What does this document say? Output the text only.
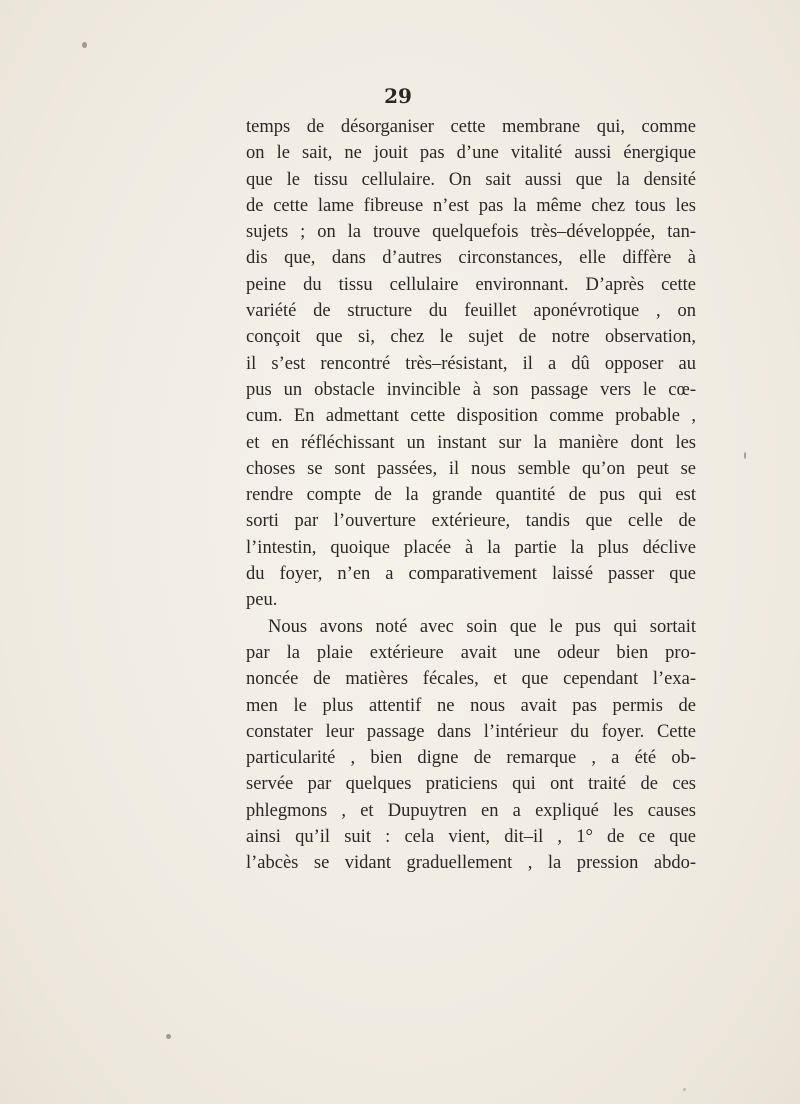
29
temps de désorganiser cette membrane qui, comme
on le sait, ne jouit pas d’une vitalité aussi énergique
que le tissu cellulaire. On sait aussi que la densité
de cette lame fibreuse n’est pas la même chez tous les
sujets ; on la trouve quelquefois très–développée, tan-
dis que, dans d’autres circonstances, elle diffère à
peine du tissu cellulaire environnant. D’après cette
variété de structure du feuillet aponévrotique , on
conçoit que si, chez le sujet de notre observation,
il s’est rencontré très–résistant, il a dû opposer au
pus un obstacle invincible à son passage vers le cœ-
cum. En admettant cette disposition comme probable ,
et en réfléchissant un instant sur la manière dont les
choses se sont passées, il nous semble qu’on peut se
rendre compte de la grande quantité de pus qui est
sorti par l’ouverture extérieure, tandis que celle de
l’intestin, quoique placée à la partie la plus déclive
du foyer, n’en a comparativement laissé passer que
peu.
Nous avons noté avec soin que le pus qui sortait
par la plaie extérieure avait une odeur bien pro-
noncée de matières fécales, et que cependant l’exa-
men le plus attentif ne nous avait pas permis de
constater leur passage dans l’intérieur du foyer. Cette
particularité , bien digne de remarque , a été ob-
servée par quelques praticiens qui ont traité de ces
phlegmons , et Dupuytren en a expliqué les causes
ainsi qu’il suit : cela vient, dit–il , 1° de ce que
l’abcès se vidant graduellement , la pression abdo-
